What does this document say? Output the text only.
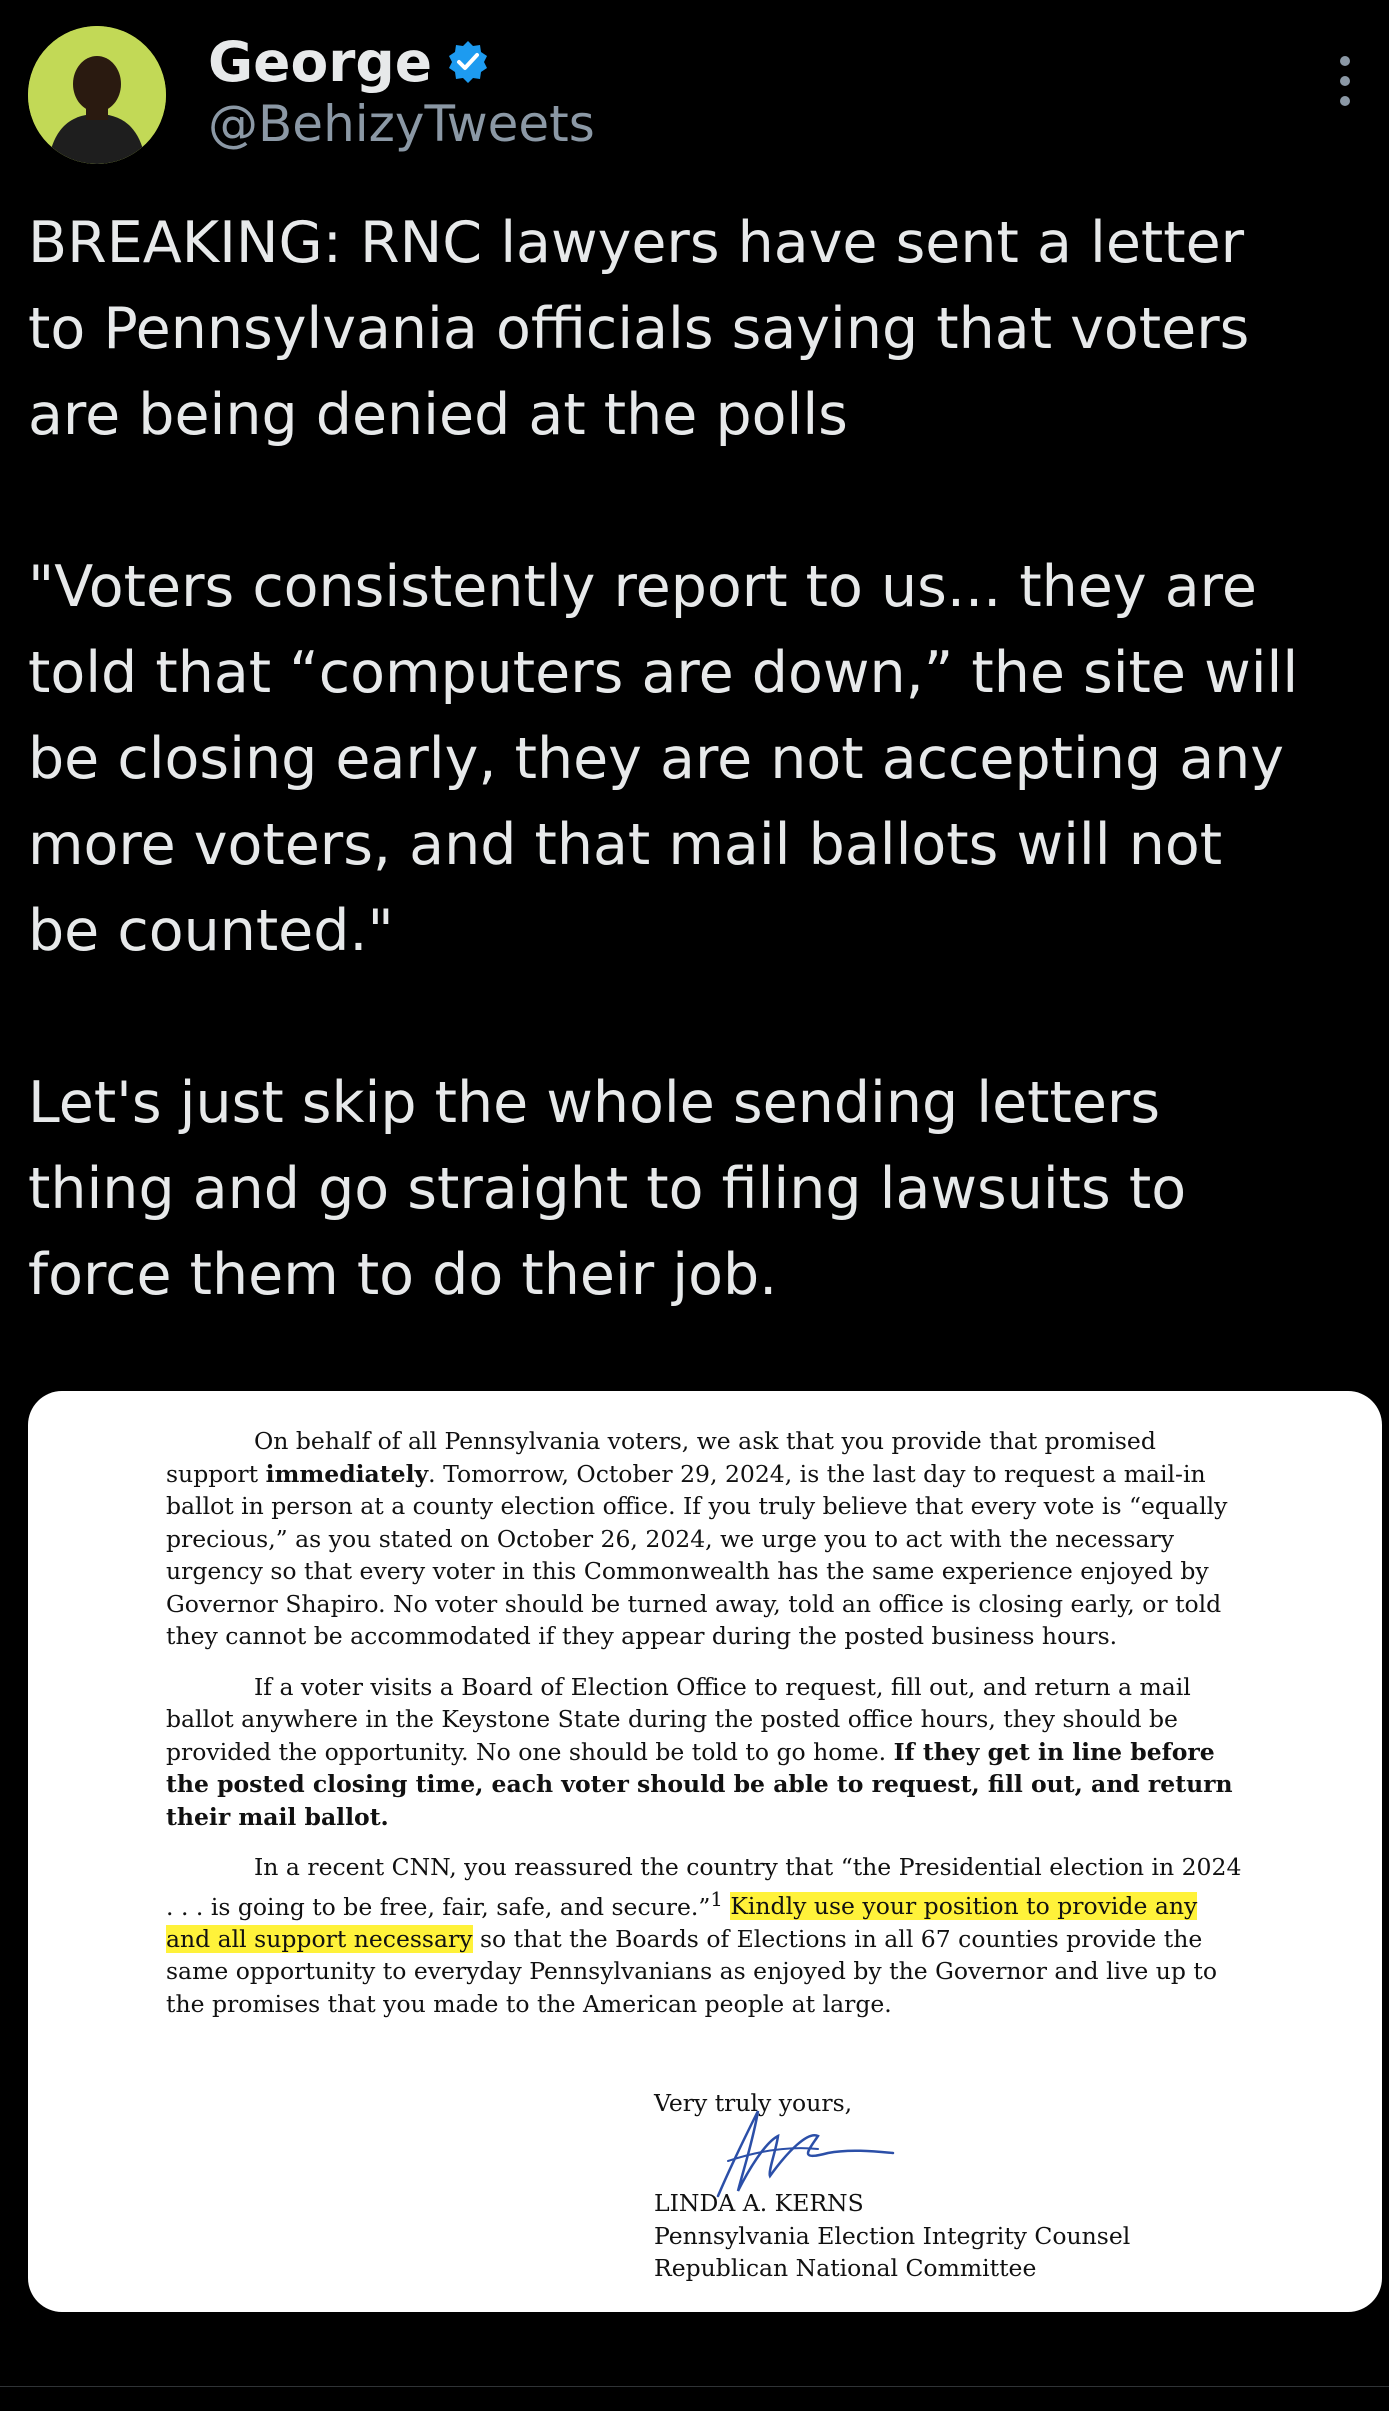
George
@BehizyTweets

BREAKING: RNC lawyers have sent a letter
to Pennsylvania officials saying that voters
are being denied at the polls

"Voters consistently report to us... they are
told that “computers are down,” the site will
be closing early, they are not accepting any
more voters, and that mail ballots will not
be counted."

Let's just skip the whole sending letters
thing and go straight to filing lawsuits to
force them to do their job.

On behalf of all Pennsylvania voters, we ask that you provide that promised support immediately. Tomorrow, October 29, 2024, is the last day to request a mail-in ballot in person at a county election office. If you truly believe that every vote is “equally precious,” as you stated on October 26, 2024, we urge you to act with the necessary urgency so that every voter in this Commonwealth has the same experience enjoyed by Governor Shapiro. No voter should be turned away, told an office is closing early, or told they cannot be accommodated if they appear during the posted business hours.

If a voter visits a Board of Election Office to request, fill out, and return a mail ballot anywhere in the Keystone State during the posted office hours, they should be provided the opportunity. No one should be told to go home. If they get in line before the posted closing time, each voter should be able to request, fill out, and return their mail ballot.

In a recent CNN, you reassured the country that “the Presidential election in 2024 . . . is going to be free, fair, safe, and secure.”$^1$ Kindly use your position to provide any and all support necessary so that the Boards of Elections in all 67 counties provide the same opportunity to everyday Pennsylvanians as enjoyed by the Governor and live up to the promises that you made to the American people at large.

Very truly yours,
LINDA A. KERNS
Pennsylvania Election Integrity Counsel
Republican National Committee
